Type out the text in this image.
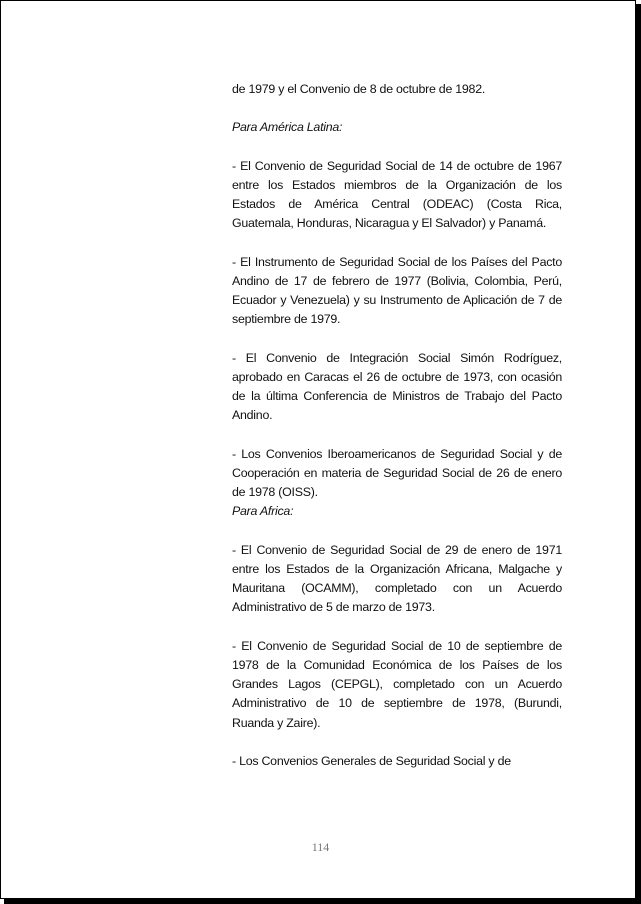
de 1979 y el Convenio de 8 de octubre de 1982.

Para América Latina:

- El Convenio de Seguridad Social de 14 de octubre de 1967 entre los Estados miembros de la Organización de los Estados de América Central (ODEAC) (Costa Rica, Guatemala, Honduras, Nicaragua y El Salvador) y Panamá.

- El Instrumento de Seguridad Social de los Países del Pacto Andino de 17 de febrero de 1977 (Bolivia, Colombia, Perú, Ecuador y Venezuela) y su Instrumento de Aplicación de 7 de septiembre de 1979.

- El Convenio de Integración Social Simón Rodríguez, aprobado en Caracas el 26 de octubre de 1973, con ocasión de la última Conferencia de Ministros de Trabajo del Pacto Andino.

- Los Convenios Iberoamericanos de Seguridad Social y de Cooperación en materia de Seguridad Social de 26 de enero de 1978 (OISS).

Para Africa:

- El Convenio de Seguridad Social de 29 de enero de 1971 entre los Estados de la Organización Africana, Malgache y Mauritana (OCAMM), completado con un Acuerdo Administrativo de 5 de marzo de 1973.

- El Convenio de Seguridad Social de 10 de septiembre de 1978 de la Comunidad Económica de los Países de los Grandes Lagos (CEPGL), completado con un Acuerdo Administrativo de 10 de septiembre de 1978, (Burundi, Ruanda y Zaire).

- Los Convenios Generales de Seguridad Social y de

114
